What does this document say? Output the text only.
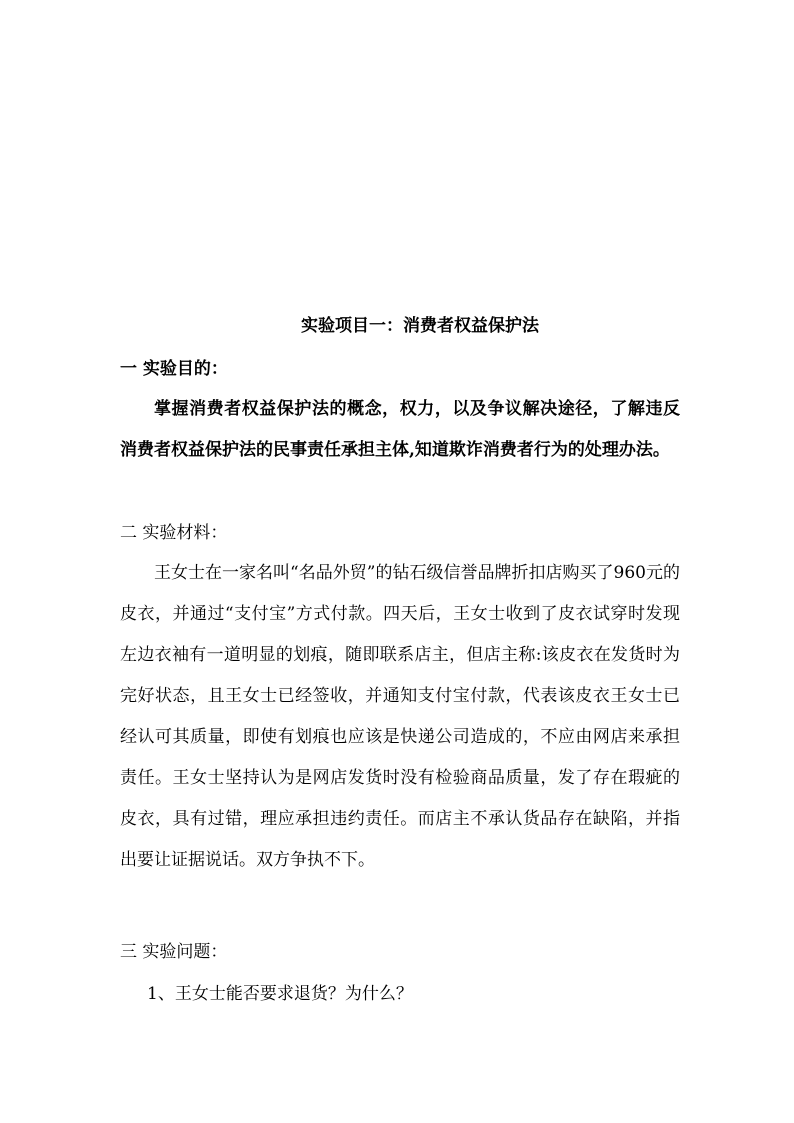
实验项目一：消费者权益保护法
一 实验目的：
掌握消费者权益保护法的概念，权力，以及争议解决途径，了解违反消费者权益保护法的民事责任承担主体,知道欺诈消费者行为的处理办法。
二 实验材料：
王女士在一家名叫“名品外贸”的钻石级信誉品牌折扣店购买了960元的皮衣，并通过“支付宝”方式付款。四天后，王女士收到了皮衣试穿时发现左边衣袖有一道明显的划痕，随即联系店主，但店主称:该皮衣在发货时为完好状态，且王女士已经签收，并通知支付宝付款，代表该皮衣王女士已经认可其质量，即使有划痕也应该是快递公司造成的，不应由网店来承担责任。王女士坚持认为是网店发货时没有检验商品质量，发了存在瑕疵的皮衣，具有过错，理应承担违约责任。而店主不承认货品存在缺陷，并指出要让证据说话。双方争执不下。
三 实验问题：
1、王女士能否要求退货？为什么？
